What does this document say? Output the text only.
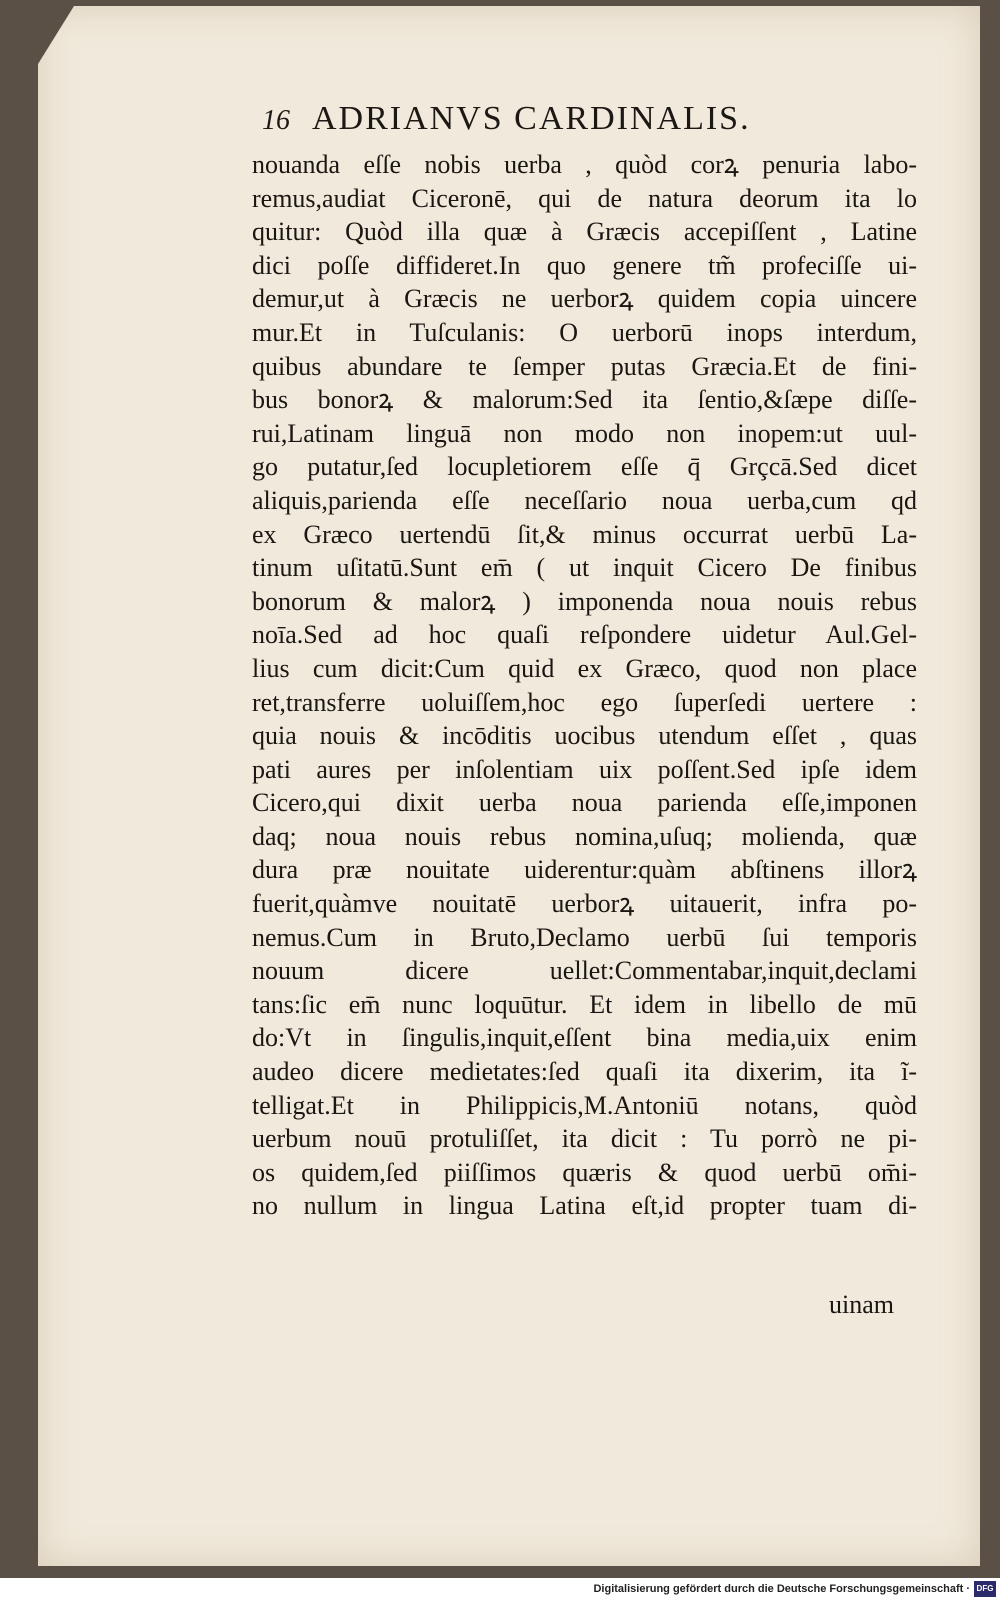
16 ADRIANVS CARDINALIS.
nouanda eſſe nobis uerba , quòd corꝝ penuria labo-
remus,audiat Ciceronē, qui de natura deorum ita lo
quitur: Quòd illa quæ à Græcis accepiſſent , Latine
dici poſſe diffideret.In quo genere tm̃ profeciſſe ui-
demur,ut à Græcis ne uerborꝝ quidem copia uincere
mur.Et in Tuſculanis: O uerborū inops interdum,
quibus abundare te ſemper putas Græcia.Et de fini-
bus bonorꝝ & malorum:Sed ita ſentio,&ſæpe diſſe-
rui,Latinam linguā non modo non inopem:ut uul-
go putatur,ſed locupletiorem eſſe q̄ Grçcā.Sed dicet
aliquis,parienda eſſe neceſſario noua uerba,cum qd
ex Græco uertendū ſit,& minus occurrat uerbū La-
tinum uſitatū.Sunt em̄ ( ut inquit Cicero De finibus
bonorum & malorꝝ ) imponenda noua nouis rebus
noīa.Sed ad hoc quaſi reſpondere uidetur Aul.Gel-
lius cum dicit:Cum quid ex Græco, quod non place
ret,transferre uoluiſſem,hoc ego ſuperſedi uertere :
quia nouis & incōditis uocibus utendum eſſet , quas
pati aures per inſolentiam uix poſſent.Sed ipſe idem
Cicero,qui dixit uerba noua parienda eſſe,imponen
daq; noua nouis rebus nomina,uſuq; molienda, quæ
dura præ nouitate uiderentur:quàm abſtinens illorꝝ
fuerit,quàmve nouitatē uerborꝝ uitauerit, infra po-
nemus.Cum in Bruto,Declamo uerbū ſui temporis
nouum dicere uellet:Commentabar,inquit,declami
tans:ſic em̄ nunc loquūtur. Et idem in libello de mū
do:Vt in ſingulis,inquit,eſſent bina media,uix enim
audeo dicere medietates:ſed quaſi ita dixerim, ita ĩ-
telligat.Et in Philippicis,M.Antoniū notans, quòd
uerbum nouū protuliſſet, ita dicit : Tu porrò ne pi-
os quidem,ſed piiſſimos quæris & quod uerbū om̄i-
no nullum in lingua Latina eſt,id propter tuam di-
uinam
Digitalisierung gefördert durch die Deutsche Forschungsgemeinschaft · DFG
